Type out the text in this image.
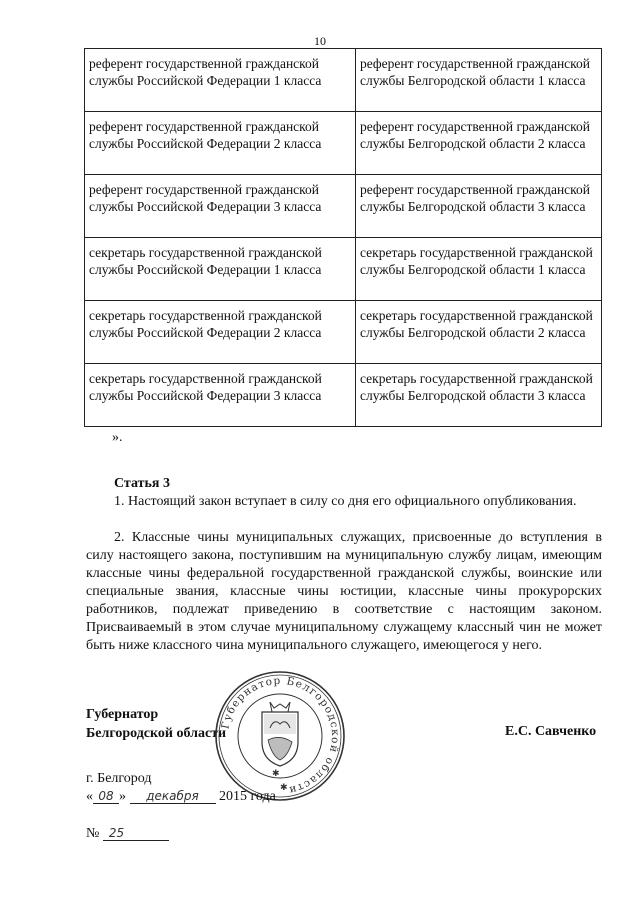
10
референт государственной гражданской службы Российской Федерации 1 класса	референт государственной гражданской службы Белгородской области 1 класса
референт государственной гражданской службы Российской Федерации 2 класса	референт государственной гражданской службы Белгородской области 2 класса
референт государственной гражданской службы Российской Федерации 3 класса	референт государственной гражданской службы Белгородской области 3 класса
секретарь государственной гражданской службы Российской Федерации 1 класса	секретарь государственной гражданской службы Белгородской области 1 класса
секретарь государственной гражданской службы Российской Федерации 2 класса	секретарь государственной гражданской службы Белгородской области 2 класса
секретарь государственной гражданской службы Российской Федерации 3 класса	секретарь государственной гражданской службы Белгородской области 3 класса
».
Статья 3

1. Настоящий закон вступает в силу со дня его официального опубликования.

2. Классные чины муниципальных служащих, присвоенные до вступления в силу настоящего закона, поступившим на муниципальную службу лицам, имеющим классные чины федеральной государственной гражданской службы, воинские или специальные звания, классные чины юстиции, классные чины прокурорских работников, подлежат приведению в соответствие с настоящим законом. Присваиваемый в этом случае муниципальному служащему классный чин не может быть ниже классного чина муниципального служащего, имеющегося у него.

Губернатор
Белгородской области
Губернатор Белгородской области
✱
✱
Е.С. Савченко
г. Белгород
« 08 » декабря 2015 года
№ 25
